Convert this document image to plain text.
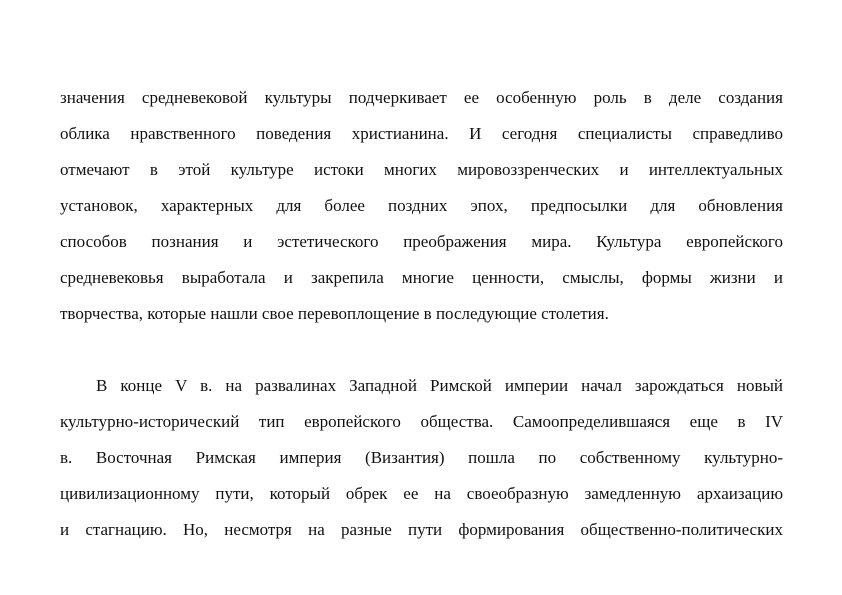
значения средневековой культуры подчеркивает ее особенную роль в деле создания
облика нравственного поведения христианина. И сегодня специалисты справедливо
отмечают в этой культуре истоки многих мировоззренческих и интеллектуальных
установок, характерных для более поздних эпох, предпосылки для обновления
способов познания и эстетического преображения мира. Культура европейского
средневековья выработала и закрепила многие ценности, смыслы, формы жизни и
творчества, которые нашли свое перевоплощение в последующие столетия.
В конце V в. на развалинах Западной Римской империи начал зарождаться новый
культурно-исторический тип европейского общества. Самоопределившаяся еще в IV
в. Восточная Римская империя (Византия) пошла по собственному культурно-
цивилизационному пути, который обрек ее на своеобразную замедленную архаизацию
и стагнацию. Но, несмотря на разные пути формирования общественно-политических
